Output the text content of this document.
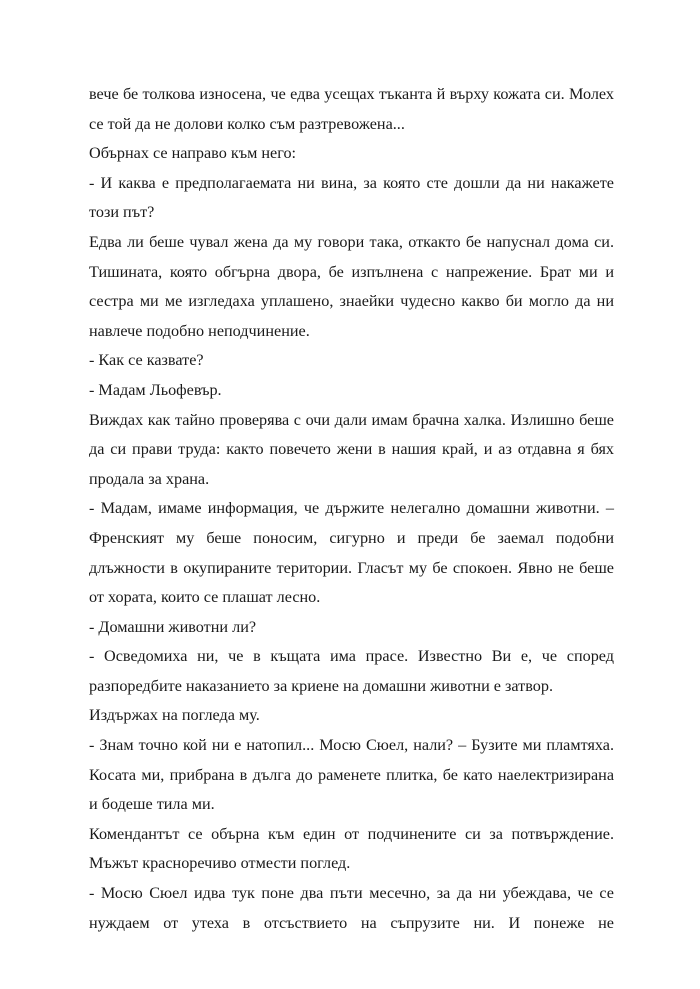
вече бе толкова износена, че едва усещах тъканта й върху кожата си. Молех се той да не долови колко съм разтревожена...

Обърнах се направо към него:

- И каква е предполагаемата ни вина, за която сте дошли да ни накажете този път?

Едва ли беше чувал жена да му говори така, откакто бе напуснал дома си. Тишината, която обгърна двора, бе изпълнена с напрежение. Брат ми и сестра ми ме изгледаха уплашено, знаейки чудесно какво би могло да ни навлече подобно неподчинение.

- Как се казвате?

- Мадам Льофевър.

Виждах как тайно проверява с очи дали имам брачна халка. Излишно беше да си прави труда: както повечето жени в нашия край, и аз отдавна я бях продала за храна.

- Мадам, имаме информация, че държите нелегално домашни животни. – Френският му беше поносим, сигурно и преди бе заемал подобни длъжности в окупираните територии. Гласът му бе спокоен. Явно не беше от хората, които се плашат лесно.

- Домашни животни ли?

- Осведомиха ни, че в къщата има прасе. Известно Ви е, че според разпоредбите наказанието за криене на домашни животни е затвор.

Издържах на погледа му.

- Знам точно кой ни е натопил... Мосю Сюел, нали? – Бузите ми пламтяха. Косата ми, прибрана в дълга до раменете плитка, бе като наелектризирана и бодеше тила ми.

Комендантът се обърна към един от подчинените си за потвърждение. Мъжът красноречиво отмести поглед.

- Мосю Сюел идва тук поне два пъти месечно, за да ни убеждава, че се нуждаем от утеха в отсъствието на съпрузите ни. И понеже не
